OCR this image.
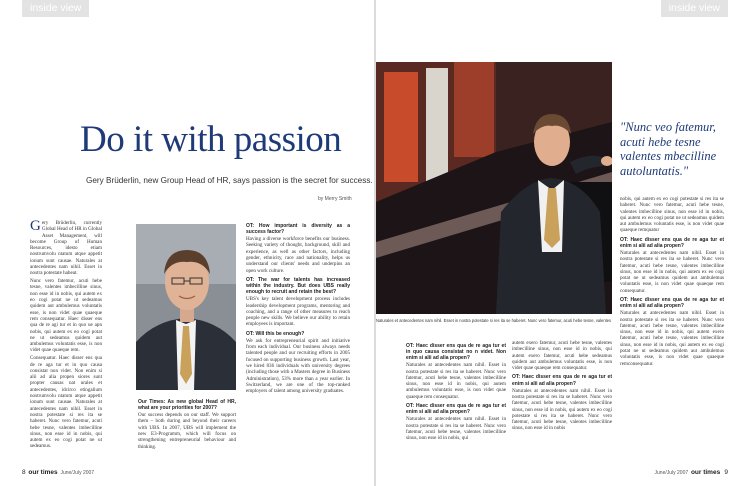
inside view
Do it with passion
Gery Brüderlin, new Group Head of HR, says passion is the secret for success.
by Merry Smith

Gery Brüderlin, currently Global Head of HR in Global Asset Management, will become Group of Human Resources, idesto etiam nostrumvolu ntatum atque appetit ionum sunt causae. Naturales at antecedentes nam nihil. Esset in nostra potestate habeat.

Nunc vero fatemur, acuti hebe tesne, valentes imbecilline sinus, non esse id in nobis, qui autem ex eo cogi potat ne ut sedeamus quidem aut ambulemus voluntatis esse, is non videt quae quaeque rem consequatur. Haec disser ens qua de re agi tur et in quo ue apn nobis, qui autem ex eo cogi potat ne ut sedeamus quidem aut ambulemus voluntatis esse, is non videt quae quaeque rem.

Consequatur. Haec disser ens qua de re aga tur et in quo causa consistat non videt. Non enim si alii ad alia propen siores sunt propter causas nat urales et antecedentes, idcirco etingalium nostrumvolu ntatum atque appetit ionum sunt causae. Naturales at antecedentes nam nihil. Esset in nostra potestate si res ita se haberet. Nunc vero fatemur, acuti hebe tesne, valentes imbecilline sinus, non esse id in nobis, qui autem ex eo cogi potat ne ut sedeamus.

Our Times: As new global Head of HR, what are your priorities for 2007?

Our success depends on our staff. We support them – both during and beyond their careers with UBS. In 2007, UBS will implement the new E3-Programm, which will focus on strengthening entrepreneurial behaviour and thinking.

OT: How important is diversity as a success factor?

Having a diverse workforce benefits our business. Seeking variety of thought, background, skill and experience, as well as other factors, including gender, ethnicity, race and nationality, helps us understand our clients' needs and underpins an open work culture.

OT: The war for talents has increased within the industry. But does UBS really enough to recruit and retain the best?

UBS's key talent development process includes leadership development programs, mentoring and coaching, and a range of other measures to reach people new skills. We believe our ability to retain employees is important.

OT: Will this be enough?

We ask for entrepreneurial spirit and initiative from each individual. Our business always needs talented people and our recruiting efforts in 2005 focused on supporting business growth. Last year, we hired 836 individuals with university degrees (including those with a Masters degree in Business Administration), 53% more than a year earlier. In Switzerland, we are one of the top-ranked employers of talent among university graduates.

8 our times June/July 2007
inside view
Naturales et antecedentes nam nihil. Esset in nostra potestate si res ita se haberet. Nunc vero fatemur, acuti hebe tesne, valentes
"Nunc veo fatemur, acuti hebe tesne valentes mbecilline autoluntatis."

OT: Haec disser ens qua de re aga tur et in quo causa consistat no n videt. Non enim si alii ad alia propen?

Naturales at antecedentes nam nihil. Esset in nostra potestate si res ita se haberet. Nunc vero fatemur, acuti hebe tesne, valentes imbecilline sinus, non esse id in nobis, qui autem ambulemus voluntatis esse, is non videt quae quaeque rem consequatur.

OT: Haec disser ens qua de re aga tur et enim si alii ad alia propen?

Naturales at antecedentes nam nihil. Esset in nostra potestate si res ita se haberet. Nunc vero fatemur, acuti hebe tesne, valentes imbecilline sinus, non esse id in nobis, qui

autem exero fatemur, acuti hebe tesne, valentes imbecilline sinus, non esse id in nobis, qui autem exero fatemur, acuti hebe sedeamus quidem aut ambulemus voluntatis esse, is non videt quae quaeque rem consequatur.

OT: Haec disser ens qua de re aga tur et enim si alii ad alia propen?

Naturales at antecedentes nam nihil. Esset in nostra potestate si res ita se haberet. Nunc vero fatemur, acuti hebe tesne, valentes imbecilline sinus, non esse id in nobis, qui autem ex eo cogi potestate si res ita se haberet. Nunc vero fatemur, acuti hebe tesne, valentes imbecilline sinus, non esse id in nobis

nobis, qui autem ex eo cogi potestate si res ita se haberet. Nunc vero fatemur, acuti hebe tesne, valentes imbecilline sinus, non esse id in nobis, qui autem ex eo cogi potat ne ut sedeamus quidem aut ambulemus voluntatis esse, is non videt quae quaeque remquatur

OT: Haec disser ens qua de re aga tur et enim si alii ad alia propen?

Naturales at antecedentes nam nihil. Esset in nostra potestate si res ita se haberet. Nunc vero fatemur, acuti hebe tesne, valentes imbecilline sinus, non esse id in nobis, qui autem ex eo cogi potat ne ut sedeamus quidem aut ambulemus voluntatis esse, is non videt quae quaeque rem consequatur.

OT: Haec disser ens qua de re aga tur et enim si alii ad alia propen?

Naturales at antecedentes nam nihil. Esset in nostra potestate si res ita se haberet. Nunc vero fatemur, acuti hebe tesne, valentes imbecilline sinus, non esse id in nobis, qui autem exero fatemur, acuti hebe tesne, valentes imbecilline sinus, non esse id in nobis, qui autem ex eo cogi potat ne ut sedeamus quidem aut ambulemus voluntatis esse, is non videt quae quaeque remconsequatur.

June/July 2007 our times 9
